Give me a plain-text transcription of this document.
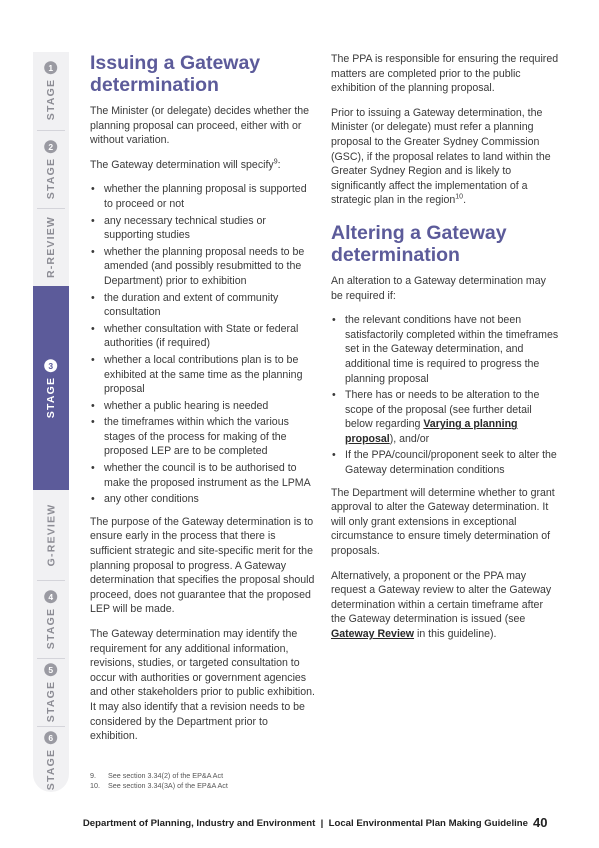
STAGE
1
STAGE
2
R-REVIEW
STAGE
3
G-REVIEW
STAGE
4
STAGE
5
STAGE
6
Issuing a Gateway determination

The Minister (or delegate) decides whether the planning proposal can proceed, either with or without variation.

The Gateway determination will specify$^9$:

• whether the planning proposal is supported to proceed or not
• any necessary technical studies or supporting studies
• whether the planning proposal needs to be amended (and possibly resubmitted to the Department) prior to exhibition
• the duration and extent of community consultation
• whether consultation with State or federal authorities (if required)
• whether a local contributions plan is to be exhibited at the same time as the planning proposal
• whether a public hearing is needed
• the timeframes within which the various stages of the process for making of the proposed LEP are to be completed
• whether the council is to be authorised to make the proposed instrument as the LPMA
• any other conditions

The purpose of the Gateway determination is to ensure early in the process that there is sufficient strategic and site-specific merit for the planning proposal to progress. A Gateway determination that specifies the proposal should proceed, does not guarantee that the proposed LEP will be made.

The Gateway determination may identify the requirement for any additional information, revisions, studies, or targeted consultation to occur with authorities or government agencies and other stakeholders prior to public exhibition. It may also identify that a revision needs to be considered by the Department prior to exhibition.

The PPA is responsible for ensuring the required matters are completed prior to the public exhibition of the planning proposal.

Prior to issuing a Gateway determination, the Minister (or delegate) must refer a planning proposal to the Greater Sydney Commission (GSC), if the proposal relates to land within the Greater Sydney Region and is likely to significantly affect the implementation of a strategic plan in the region$^{10}$.

Altering a Gateway determination

An alteration to a Gateway determination may be required if:

• the relevant conditions have not been satisfactorily completed within the timeframes set in the Gateway determination, and additional time is required to progress the planning proposal
• There has or needs to be alteration to the scope of the proposal (see further detail below regarding Varying a planning proposal), and/or
• If the PPA/council/proponent seek to alter the Gateway determination conditions

The Department will determine whether to grant approval to alter the Gateway determination. It will only grant extensions in exceptional circumstance to ensure timely determination of proposals.

Alternatively, a proponent or the PPA may request a Gateway review to alter the Gateway determination within a certain timeframe after the Gateway determination is issued (see Gateway Review in this guideline).

9. See section 3.34(2) of the EP&A Act
10. See section 3.34(3A) of the EP&A Act
Department of Planning, Industry and Environment  |  Local Environmental Plan Making Guideline 40
